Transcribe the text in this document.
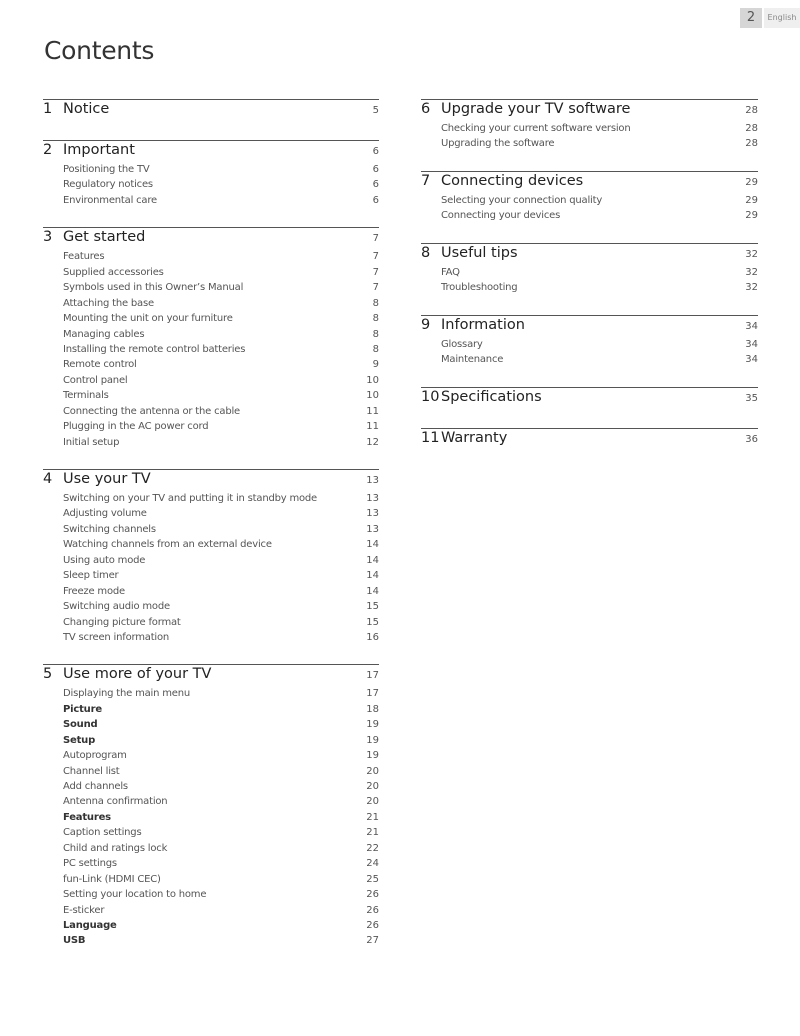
2	English
Contents
1 Notice	5
2 Important	6
Positioning the TV	6
Regulatory notices	6
Environmental care	6
3 Get started	7
Features	7
Supplied accessories	7
Symbols used in this Owner’s Manual	7
Attaching the base	8
Mounting the unit on your furniture	8
Managing cables	8
Installing the remote control batteries	8
Remote control	9
Control panel	10
Terminals	10
Connecting the antenna or the cable	11
Plugging in the AC power cord	11
Initial setup	12
4 Use your TV	13
Switching on your TV and putting it in standby mode	13
Adjusting volume	13
Switching channels	13
Watching channels from an external device	14
Using auto mode	14
Sleep timer	14
Freeze mode	14
Switching audio mode	15
Changing picture format	15
TV screen information	16
5 Use more of your TV	17
Displaying the main menu	17
Picture	18
Sound	19
Setup	19
Autoprogram	19
Channel list	20
Add channels	20
Antenna confirmation	20
Features	21
Caption settings	21
Child and ratings lock	22
PC settings	24
fun-Link (HDMI CEC)	25
Setting your location to home	26
E-sticker	26
Language	26
USB	27
6 Upgrade your TV software	28
Checking your current software version	28
Upgrading the software	28
7 Connecting devices	29
Selecting your connection quality	29
Connecting your devices	29
8 Useful tips	32
FAQ	32
Troubleshooting	32
9 Information	34
Glossary	34
Maintenance	34
10 Specifications	35
11 Warranty	36
